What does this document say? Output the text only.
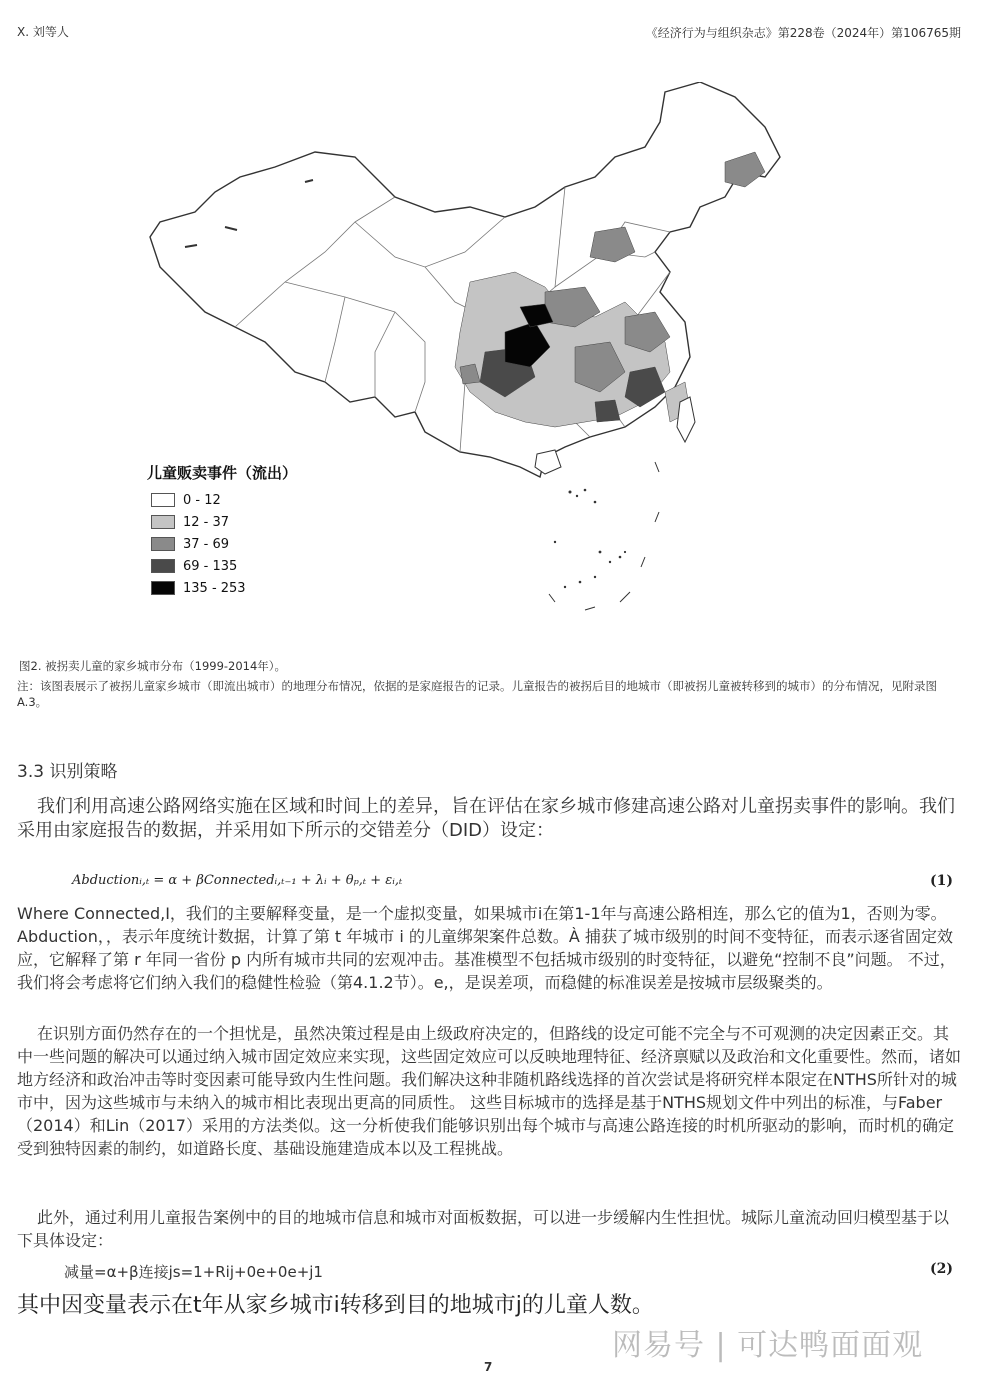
X. 刘等人	《经济行为与组织杂志》第228卷（2024年）第106765期
儿童贩卖事件（流出）
0 - 12
12 - 37
37 - 69
69 - 135
135 - 253
图2. 被拐卖儿童的家乡城市分布（1999-2014年）。
注：该图表展示了被拐儿童家乡城市（即流出城市）的地理分布情况，依据的是家庭报告的记录。儿童报告的被拐后目的地城市（即被拐儿童被转移到的城市）的分布情况，见附录图A.3。
3.3 识别策略
我们利用高速公路网络实施在区域和时间上的差异，旨在评估在家乡城市修建高速公路对儿童拐卖事件的影响。我们采用由家庭报告的数据，并采用如下所示的交错差分（DID）设定：
Abductionᵢ,ₜ = α + βConnectedᵢ,ₜ₋₁ + λᵢ + θₚ,ₜ + εᵢ,ₜ	(1)
Where Connected,I，我们的主要解释变量，是一个虚拟变量，如果城市i在第1-1年与高速公路相连，那么它的值为1，否则为零。Abduction，，表示年度统计数据，计算了第 t 年城市 i 的儿童绑架案件总数。À 捕获了城市级别的时间不变特征，而表示逐省固定效应，它解释了第 r 年同一省份 p 内所有城市共同的宏观冲击。基准模型不包括城市级别的时变特征，以避免“控制不良”问题。 不过，我们将会考虑将它们纳入我们的稳健性检验（第4.1.2节）。e,，是误差项，而稳健的标准误差是按城市层级聚类的。
在识别方面仍然存在的一个担忧是，虽然决策过程是由上级政府决定的，但路线的设定可能不完全与不可观测的决定因素正交。其中一些问题的解决可以通过纳入城市固定效应来实现，这些固定效应可以反映地理特征、经济禀赋以及政治和文化重要性。然而，诸如地方经济和政治冲击等时变因素可能导致内生性问题。我们解决这种非随机路线选择的首次尝试是将研究样本限定在NTHS所针对的城市中，因为这些城市与未纳入的城市相比表现出更高的同质性。 这些目标城市的选择是基于NTHS规划文件中列出的标准，与Faber（2014）和Lin（2017）采用的方法类似。这一分析使我们能够识别出每个城市与高速公路连接的时机所驱动的影响，而时机的确定受到独特因素的制约，如道路长度、基础设施建造成本以及工程挑战。
此外，通过利用儿童报告案例中的目的地城市信息和城市对面板数据，可以进一步缓解内生性担忧。城际儿童流动回归模型基于以下具体设定：
减量=α+β连接js=1+Rij+0e+0e+j1	(2)
其中因变量表示在t年从家乡城市i转移到目的地城市j的儿童人数。
网易号 | 可达鸭面面观
7
